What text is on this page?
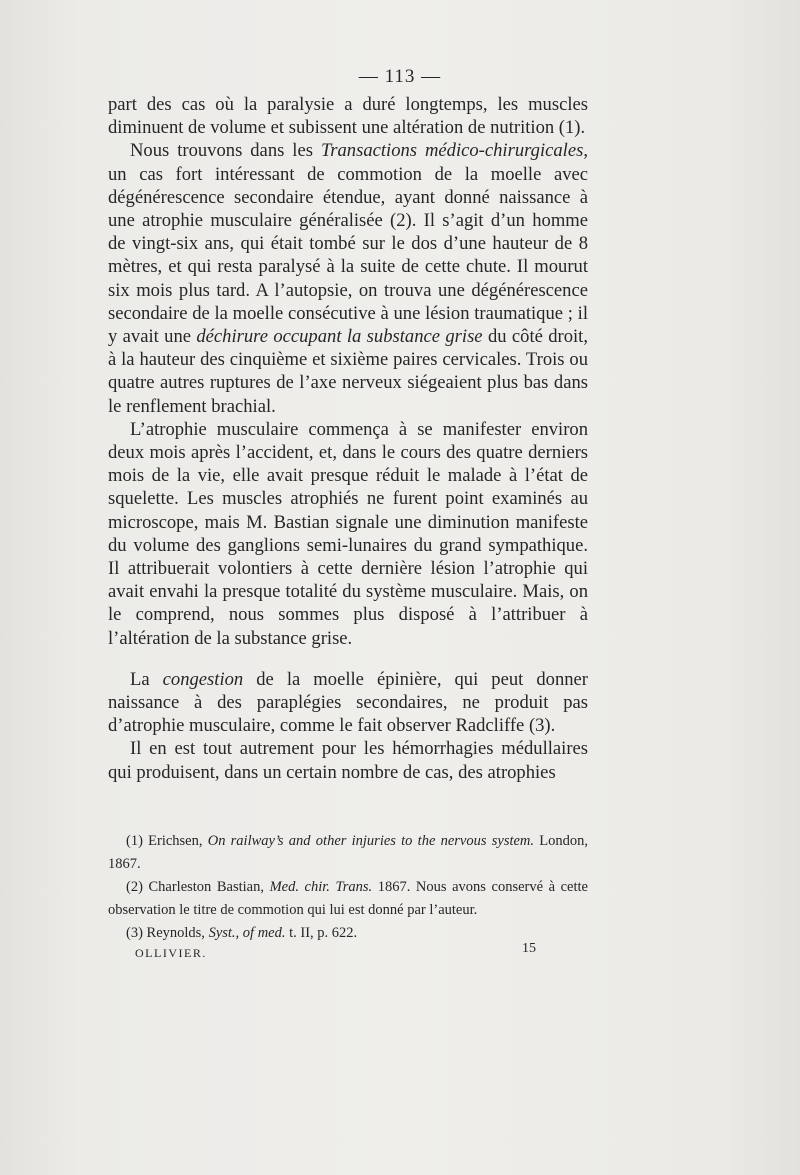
— 113 —

part des cas où la paralysie a duré longtemps, les muscles diminuent de volume et subissent une altération de nutrition (1).

Nous trouvons dans les Transactions médico-chirurgicales, un cas fort intéressant de commotion de la moelle avec dégénérescence secondaire étendue, ayant donné naissance à une atrophie musculaire généralisée (2). Il s’agit d’un homme de vingt-six ans, qui était tombé sur le dos d’une hauteur de 8 mètres, et qui resta paralysé à la suite de cette chute. Il mourut six mois plus tard. A l’autopsie, on trouva une dégénérescence secondaire de la moelle consécutive à une lésion traumatique ; il y avait une déchirure occupant la substance grise du côté droit, à la hauteur des cinquième et sixième paires cervicales. Trois ou quatre autres ruptures de l’axe nerveux siégeaient plus bas dans le renflement brachial.

L’atrophie musculaire commença à se manifester environ deux mois après l’accident, et, dans le cours des quatre derniers mois de la vie, elle avait presque réduit le malade à l’état de squelette. Les muscles atrophiés ne furent point examinés au microscope, mais M. Bastian signale une diminution manifeste du volume des ganglions semi-lunaires du grand sympathique. Il attribuerait volontiers à cette dernière lésion l’atrophie qui avait envahi la presque totalité du système musculaire. Mais, on le comprend, nous sommes plus disposé à l’attribuer à l’altération de la substance grise.

La congestion de la moelle épinière, qui peut donner naissance à des paraplégies secondaires, ne produit pas d’atrophie musculaire, comme le fait observer Radcliffe (3).

Il en est tout autrement pour les hémorrhagies médullaires qui produisent, dans un certain nombre de cas, des atrophies

(1) Erichsen, On railway’s and other injuries to the nervous system. London, 1867.

(2) Charleston Bastian, Med. chir. Trans. 1867. Nous avons conservé à cette observation le titre de commotion qui lui est donné par l’auteur.

(3) Reynolds, Syst., of med. t. II, p. 622.

OLLIVIER.	15
